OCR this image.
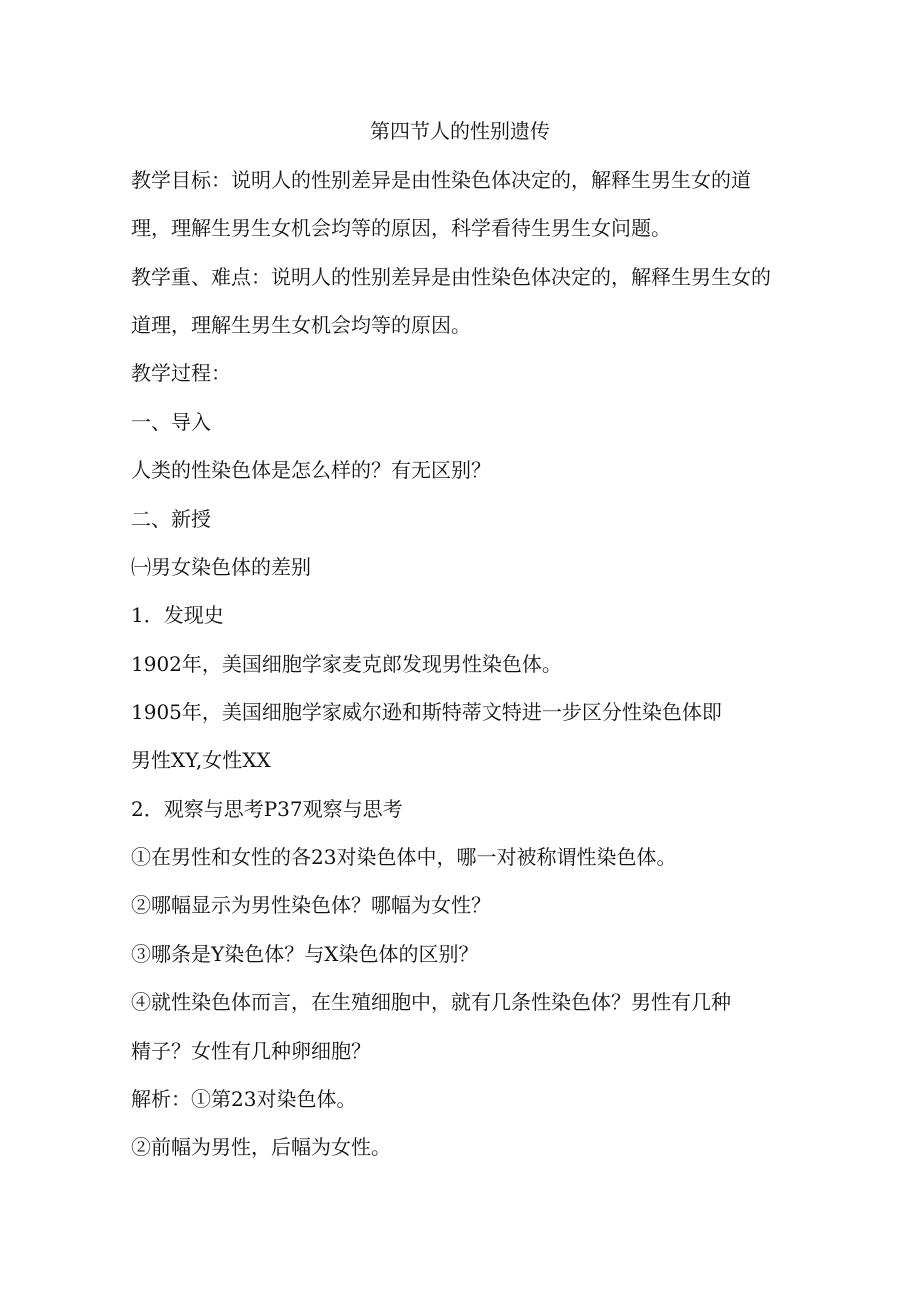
第四节人的性别遗传
教学目标：说明人的性别差异是由性染色体决定的，解释生男生女的道
理，理解生男生女机会均等的原因，科学看待生男生女问题。
教学重、难点：说明人的性别差异是由性染色体决定的，解释生男生女的
道理，理解生男生女机会均等的原因。
教学过程：
一、导入
人类的性染色体是怎么样的？有无区别？
二、新授
㈠男女染色体的差别
1．发现史
1902年，美国细胞学家麦克郎发现男性染色体。
1905年，美国细胞学家威尔逊和斯特蒂文特进一步区分性染色体即
男性XY,女性XX
2．观察与思考P37观察与思考
①在男性和女性的各23对染色体中，哪一对被称谓性染色体。
②哪幅显示为男性染色体？哪幅为女性？
③哪条是Y染色体？与X染色体的区别？
④就性染色体而言，在生殖细胞中，就有几条性染色体？男性有几种
精子？女性有几种卵细胞？
解析：①第23对染色体。
②前幅为男性，后幅为女性。
